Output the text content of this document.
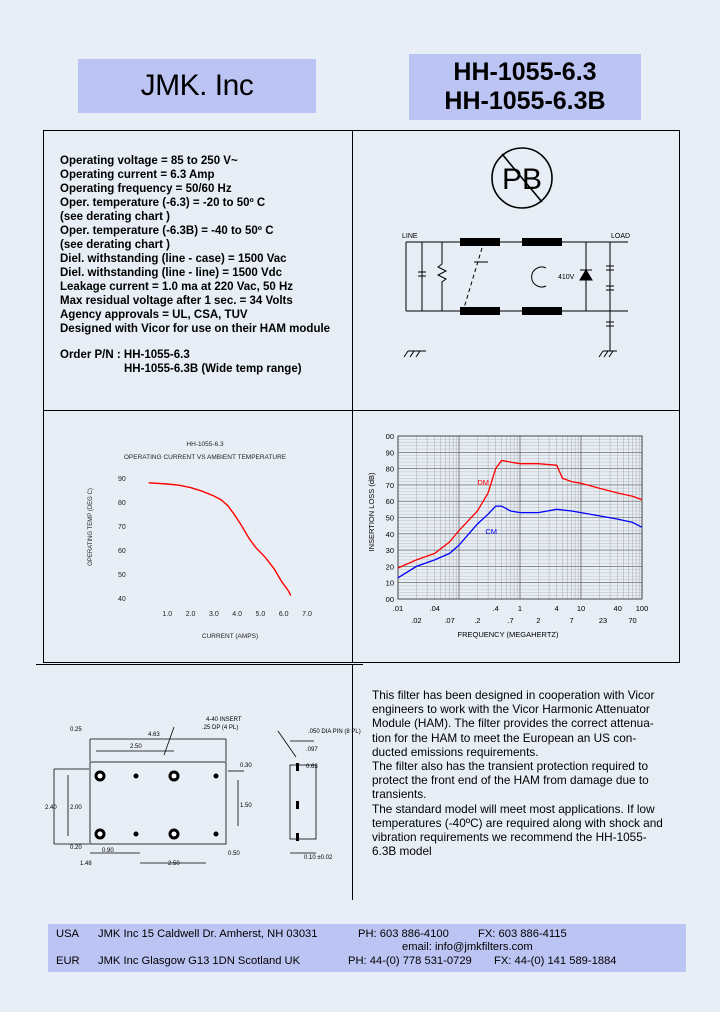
JMK. Inc	HH-1055-6.3
HH-1055-6.3B
Operating voltage = 85 to 250 V~
Operating current = 6.3 Amp
Operating frequency = 50/60 Hz
Oper. temperature (-6.3) = -20 to 50º C
(see derating chart )
Oper. temperature (-6.3B) = -40 to 50º C
(see derating chart )
Diel. withstanding (line - case) = 1500 Vac
Diel. withstanding (line - line) = 1500 Vdc
Leakage current = 1.0 ma at 220 Vac, 50 Hz
Max residual voltage after 1 sec. = 34 Volts
Agency approvals = UL, CSA, TUV
Designed with Vicor for use on their HAM module
Order P/N : HH-1055-6.3
HH-1055-6.3B (Wide temp range)
PB
LINE	LOAD
410V
HH-1055-6.3
OPERATING CURRENT VS AMBIENT TEMPERATURE
OPERATING TEMP (DEG C)
CURRENT (AMPS)
40
50
60
70
80
90
1.0 2.0 3.0 4.0 5.0 6.0 7.0
INSERTION LOSS (dB)
FREQUENCY (MEGAHERTZ)
00
90
80
70
60
50
40
30
20
10
00
.01	.04	.4	1	4 10	40 100
.02	.07	.2	.7	2	7	23	70
DM
CM
4-40 INSERT
.25 DP (4 PL)
4.63
0.25
2.50
0.30
2.40 2.00	1.50
0.20	0.90	0.50
1.48	2.50
.050 DIA PIN (8 PL)
.097
0.63
0.10 ±0.02
This filter has been designed in cooperation with Vicor
engineers to work with the Vicor Harmonic Attenuator
Module (HAM). The filter provides the correct attenua-
tion for the HAM to meet the European an US con-
ducted emissions requirements.
The filter also has the transient protection required to
protect the front end of the HAM from damage due to
transients.
The standard model will meet most applications. If low
temperatures (-40ºC) are required along with shock and
vibration requirements we recommend the HH-1055-
6.3B model
USA JMK Inc 15 Caldwell Dr. Amherst, NH 03031	PH: 603 886-4100	FX: 603 886-4115
email: info@jmkfilters.com
EUR JMK Inc Glasgow G13 1DN Scotland UK	PH: 44-(0) 778 531-0729 FX: 44-(0) 141 589-1884
